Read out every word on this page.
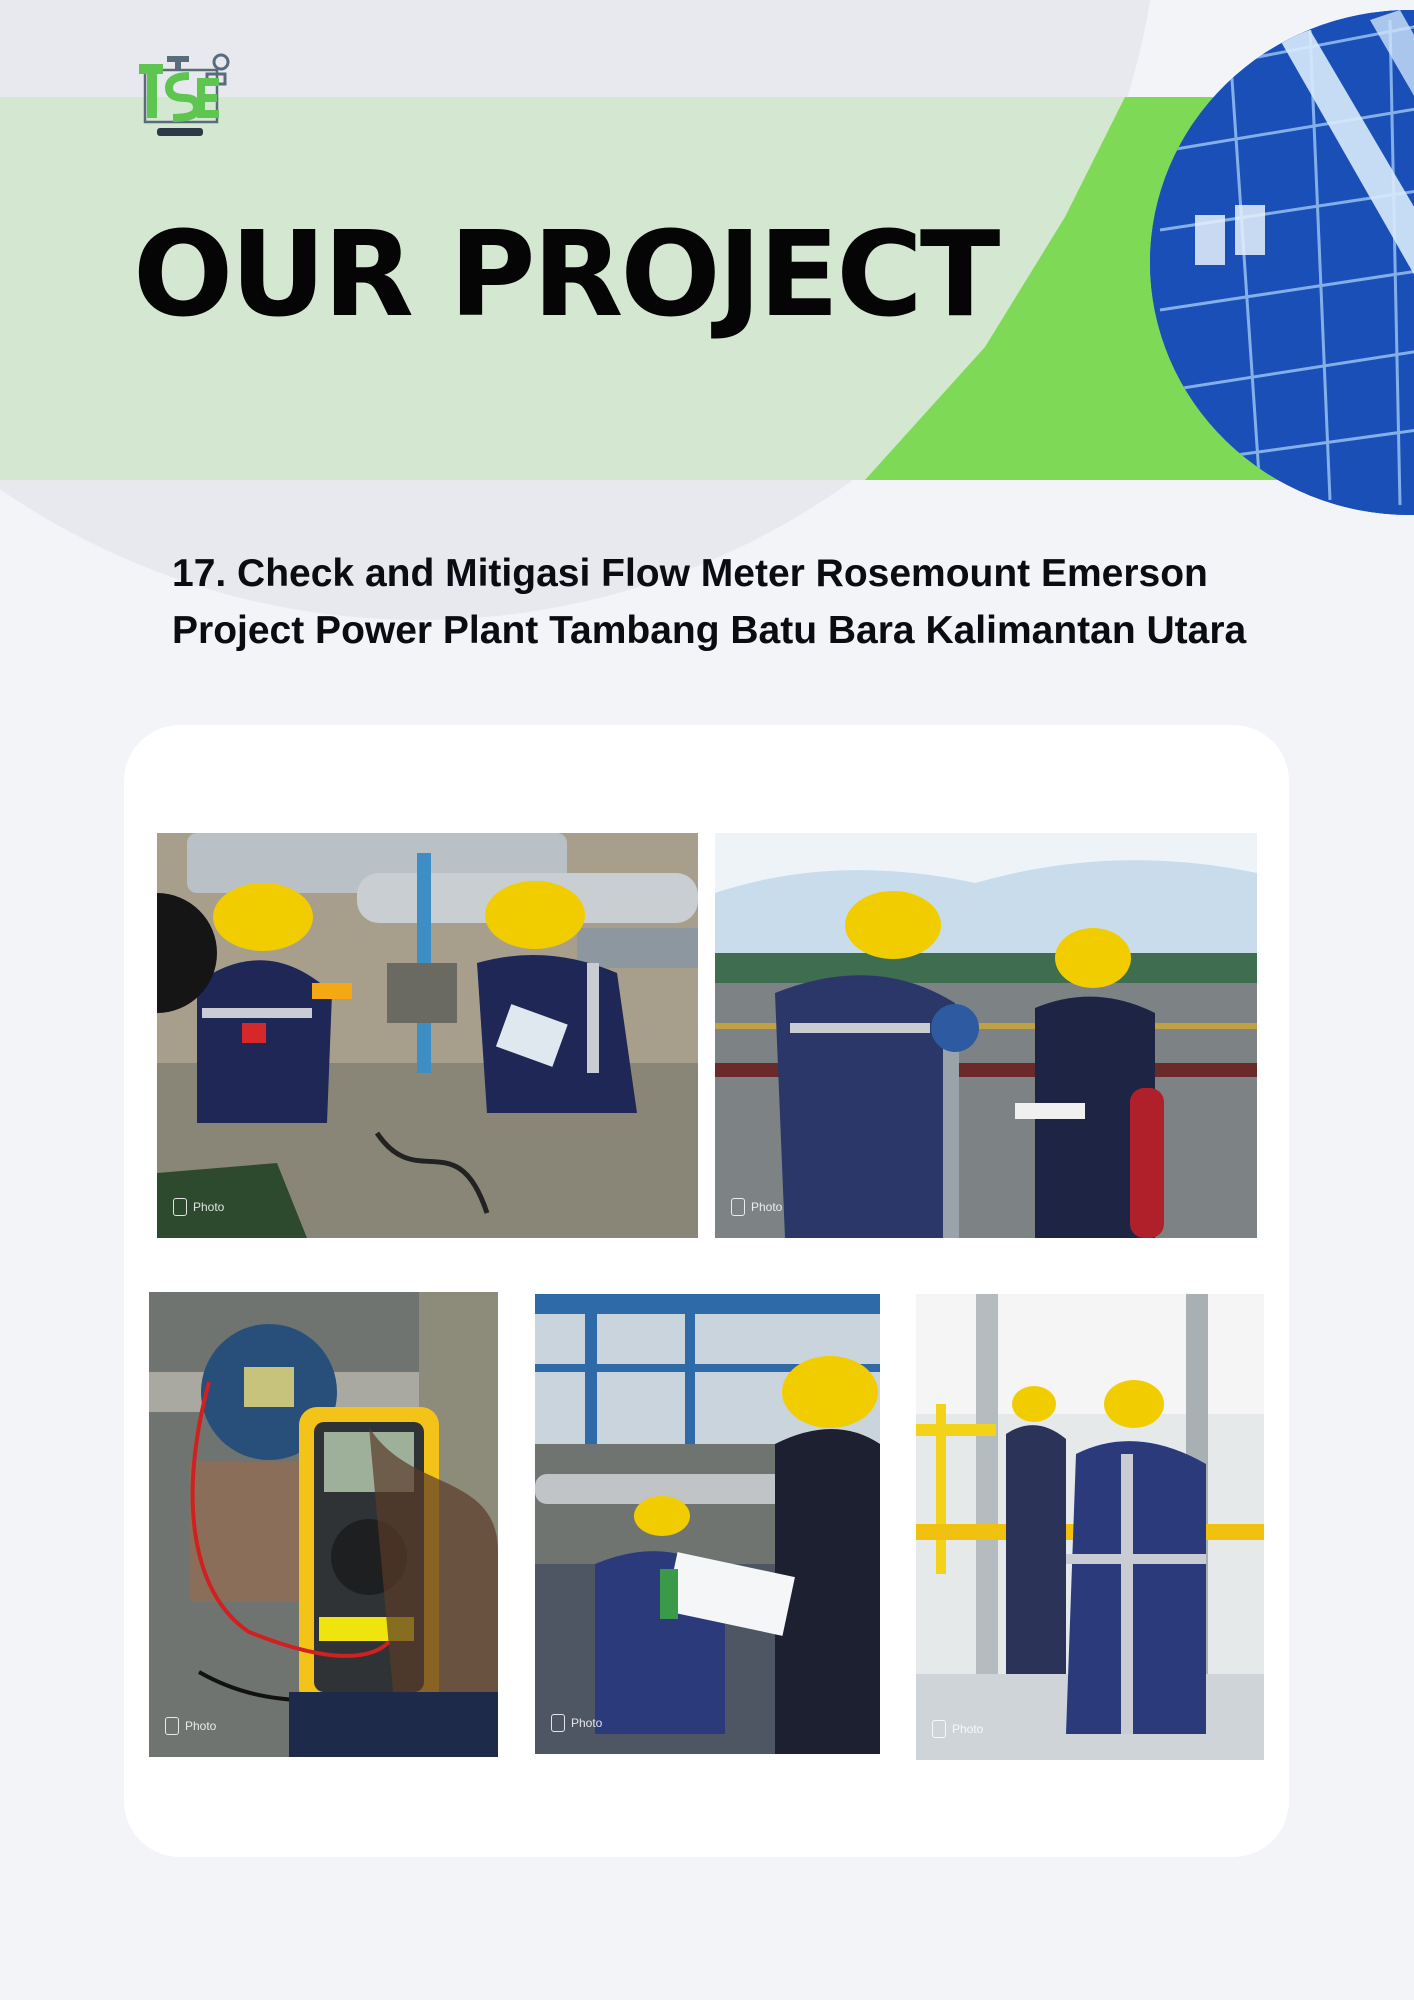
OUR PROJECT
17. Check and Mitigasi Flow Meter Rosemount Emerson
Project Power Plant Tambang Batu Bara Kalimantan Utara
Photo	Photo
Photo	Photo	Photo
